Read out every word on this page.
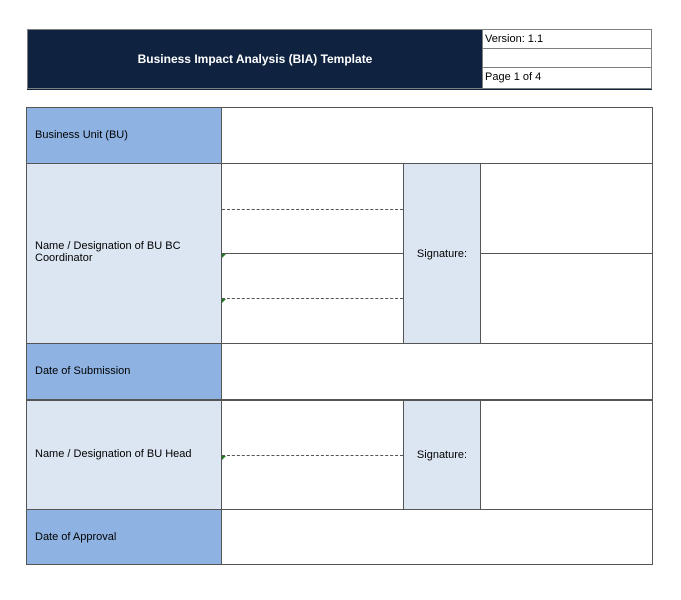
Business Impact Analysis (BIA) Template
Version: 1.1
Page 1 of 4
Business Unit (BU)
Name / Designation of BU BC Coordinator	Signature:
Date of Submission
Name / Designation of BU Head	Signature:
Date of Approval
